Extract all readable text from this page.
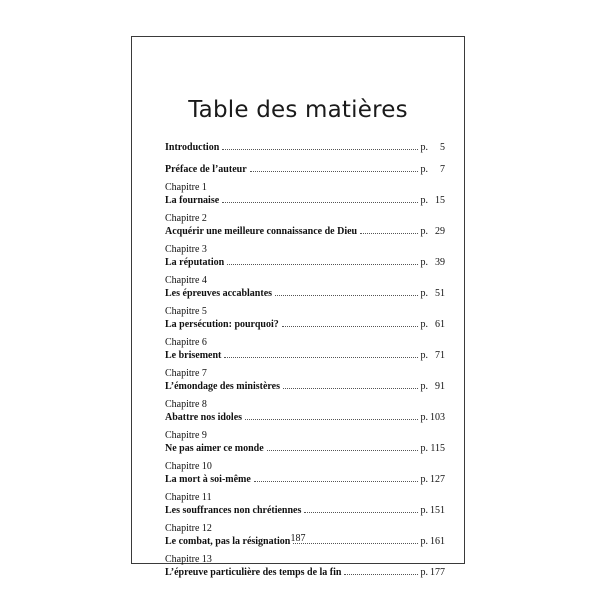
Table des matières
Introduction	p. 5
Préface de l’auteur	p. 7
Chapitre 1
La fournaise	p. 15
Chapitre 2
Acquérir une meilleure connaissance de Dieu	p. 29
Chapitre 3
La réputation	p. 39
Chapitre 4
Les épreuves accablantes	p. 51
Chapitre 5
La persécution: pourquoi?	p. 61
Chapitre 6
Le brisement	p. 71
Chapitre 7
L’émondage des ministères	p. 91
Chapitre 8
Abattre nos idoles	p. 103
Chapitre 9
Ne pas aimer ce monde	p. 115
Chapitre 10
La mort à soi-même	p. 127
Chapitre 11
Les souffrances non chrétiennes	p. 151
Chapitre 12
Le combat, pas la résignation	p. 161
Chapitre 13
L’épreuve particulière des temps de la fin	p. 177
187
